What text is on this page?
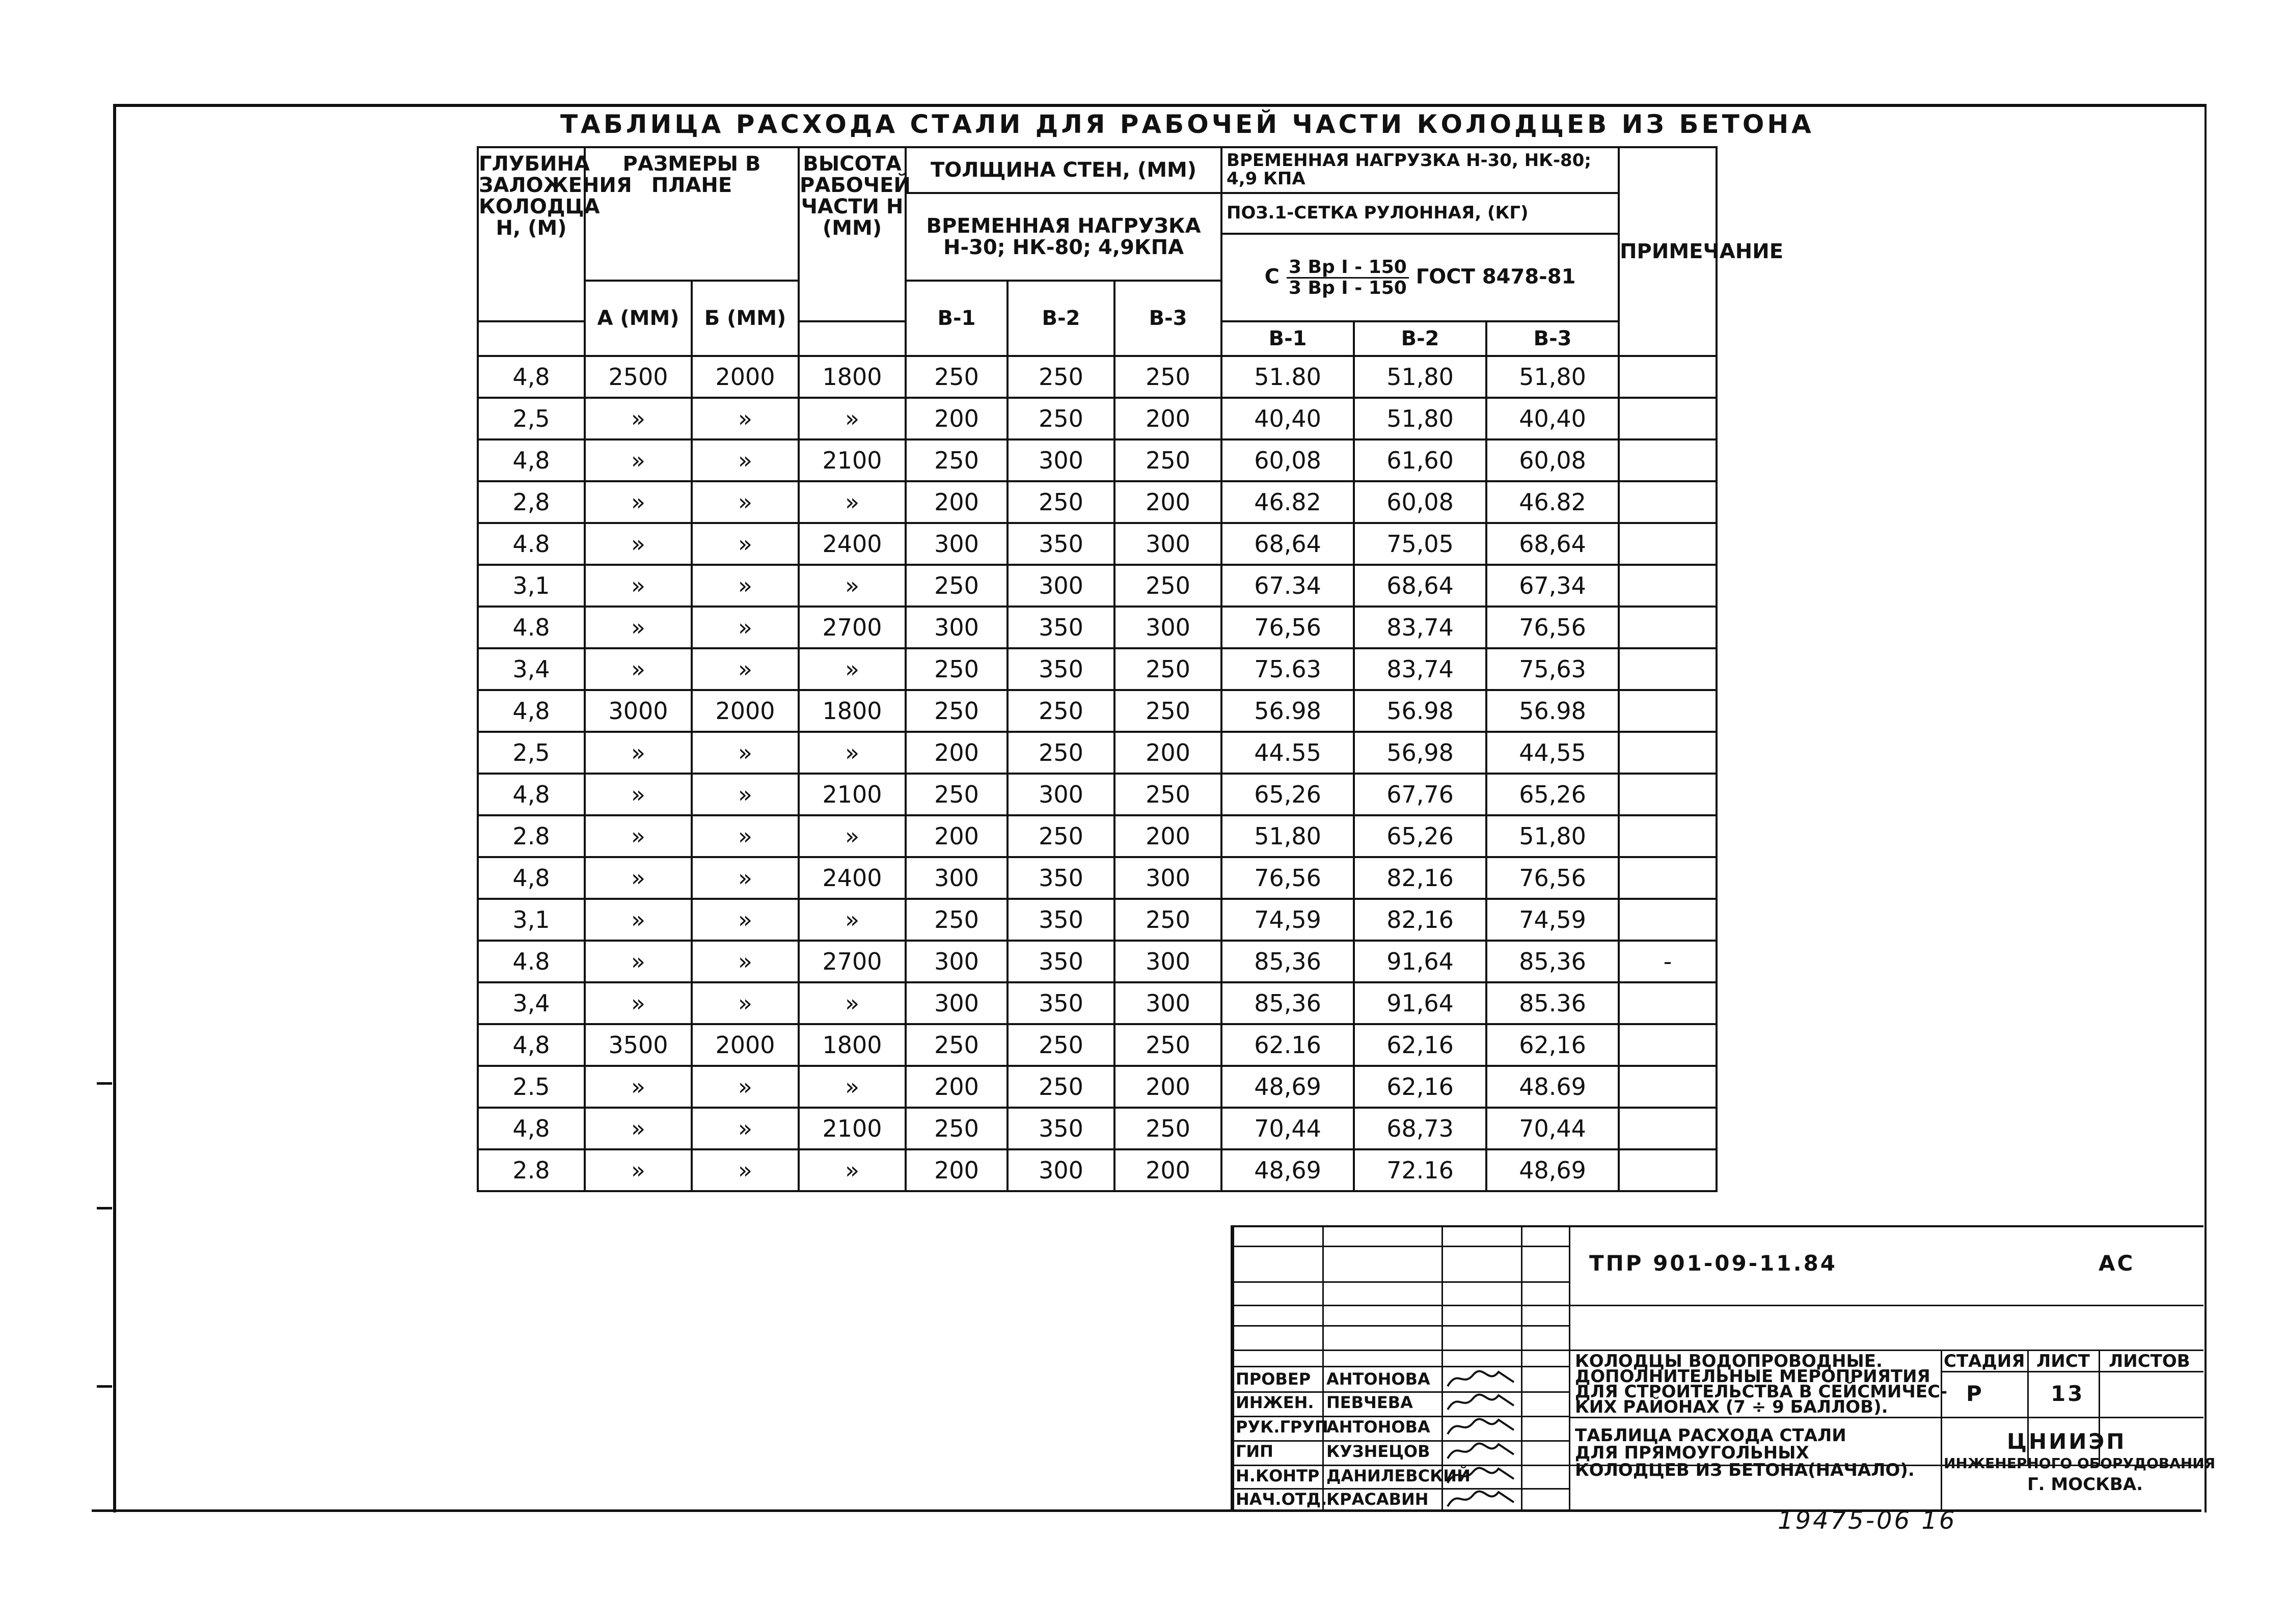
ТАБЛИЦА РАСХОДА СТАЛИ ДЛЯ РАБОЧЕЙ ЧАСТИ КОЛОДЦЕВ ИЗ БЕТОНА
ГЛУБИНА ЗАЛОЖЕНИЯ КОЛОДЦА Н, (М)	РАЗМЕРЫ В ПЛАНЕ		ВЫСОТА РАБОЧЕЙ ЧАСТИ Н (ММ)	ТОЛЩИНА СТЕН, (ММ)			ВРЕМЕННАЯ НАГРУЗКА Н-30, НК-80; 4,9 КПА			ПРИМЕЧАНИЕ
				ВРЕМЕННАЯ НАГРУЗКА Н-30; НК-80; 4,9КПА			ПОЗ.1-СЕТКА РУЛОННАЯ, (КГ)			
							С $\frac{\text{3 Вр I - 150}}{\text{3 Вр I - 150}}$ ГОСТ 8478-81			
	А (ММ)	Б (ММ)		В-1	В-2	В-3				
							В-1	В-2	В-3	
4,8	2500	2000	1800	250	250	250	51.80	51,80	51,80	
2,5	»	»	»	200	250	200	40,40	51,80	40,40	
4,8	»	»	2100	250	300	250	60,08	61,60	60,08	
2,8	»	»	»	200	250	200	46.82	60,08	46.82	
4.8	»	»	2400	300	350	300	68,64	75,05	68,64	
3,1	»	»	»	250	300	250	67.34	68,64	67,34	
4.8	»	»	2700	300	350	300	76,56	83,74	76,56	
3,4	»	»	»	250	350	250	75.63	83,74	75,63	
4,8	3000	2000	1800	250	250	250	56.98	56.98	56.98	
2,5	»	»	»	200	250	200	44.55	56,98	44,55	
4,8	»	»	2100	250	300	250	65,26	67,76	65,26	
2.8	»	»	»	200	250	200	51,80	65,26	51,80	
4,8	»	»	2400	300	350	300	76,56	82,16	76,56	
3,1	»	»	»	250	350	250	74,59	82,16	74,59	
4.8	»	»	2700	300	350	300	85,36	91,64	85,36	-
3,4	»	»	»	300	350	300	85,36	91,64	85.36	
4,8	3500	2000	1800	250	250	250	62.16	62,16	62,16	
2.5	»	»	»	200	250	200	48,69	62,16	48.69	
4,8	»	»	2100	250	350	250	70,44	68,73	70,44	
2.8	»	»	»	200	300	200	48,69	72.16	48,69	
ТПР 901-09-11.84	АС
КОЛОДЦЫ ВОДОПРОВОДНЫЕ.
ДОПОЛНИТЕЛЬНЫЕ МЕРОПРИЯТИЯ
ДЛЯ СТРОИТЕЛЬСТВА В СЕЙСМИЧЕС-
КИХ РАЙОНАХ (7 ÷ 9 БАЛЛОВ).
СТАДИЯ ЛИСТ ЛИСТОВ
Р	13
ТАБЛИЦА РАСХОДА СТАЛИ
ДЛЯ ПРЯМОУГОЛЬНЫХ
КОЛОДЦЕВ ИЗ БЕТОНА(НАЧАЛО).
ЦНИИЭП
ИНЖЕНЕРНОГО ОБОРУДОВАНИЯ
Г. МОСКВА.
ПРОВЕР АНТОНОВА
ИНЖЕН. ПЕВЧЕВА
РУК.ГРУП
АНТОНОВА
ГИП	КУЗНЕЦОВ
Н.КОНТР ДАНИЛЕВСКИЙ
НАЧ.ОТД.
КРАСАВИН
19475-06 16
